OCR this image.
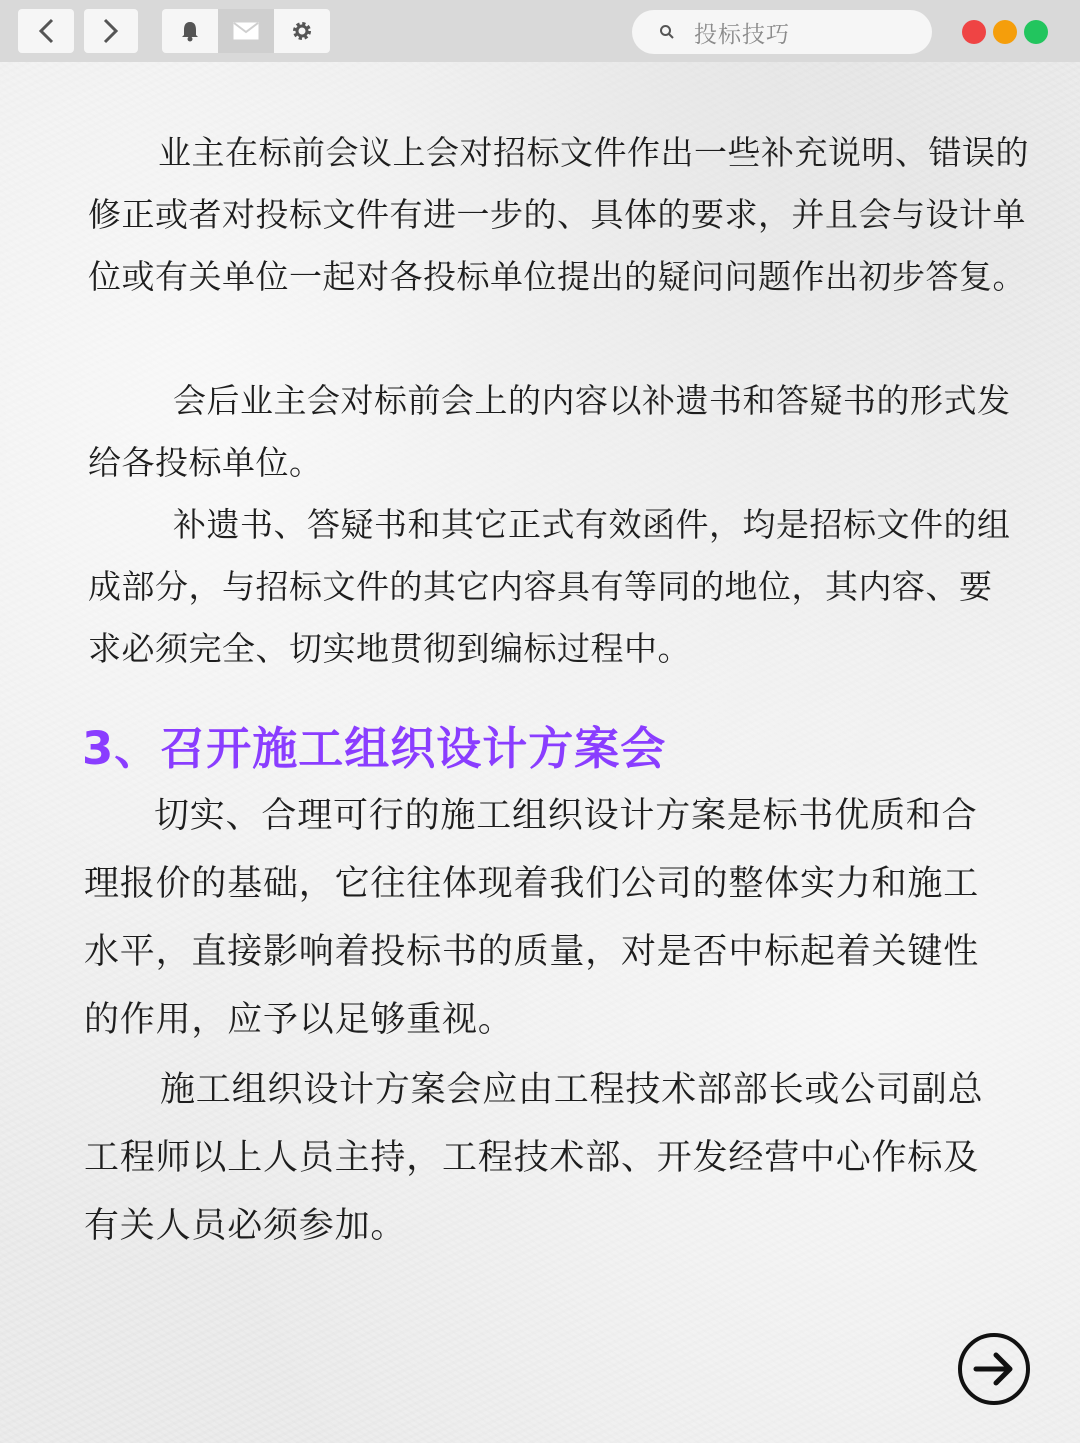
投标技巧

业主在标前会议上会对招标文件作出一些补充说明、错误的修正或者对投标文件有进一步的、具体的要求，并且会与设计单位或有关单位一起对各投标单位提出的疑问问题作出初步答复。

会后业主会对标前会上的内容以补遗书和答疑书的形式发给各投标单位。

补遗书、答疑书和其它正式有效函件，均是招标文件的组成部分，与招标文件的其它内容具有等同的地位，其内容、要求必须完全、切实地贯彻到编标过程中。

3、召开施工组织设计方案会

切实、合理可行的施工组织设计方案是标书优质和合理报价的基础，它往往体现着我们公司的整体实力和施工水平，直接影响着投标书的质量，对是否中标起着关键性的作用，应予以足够重视。

施工组织设计方案会应由工程技术部部长或公司副总工程师以上人员主持，工程技术部、开发经营中心作标及有关人员必须参加。
